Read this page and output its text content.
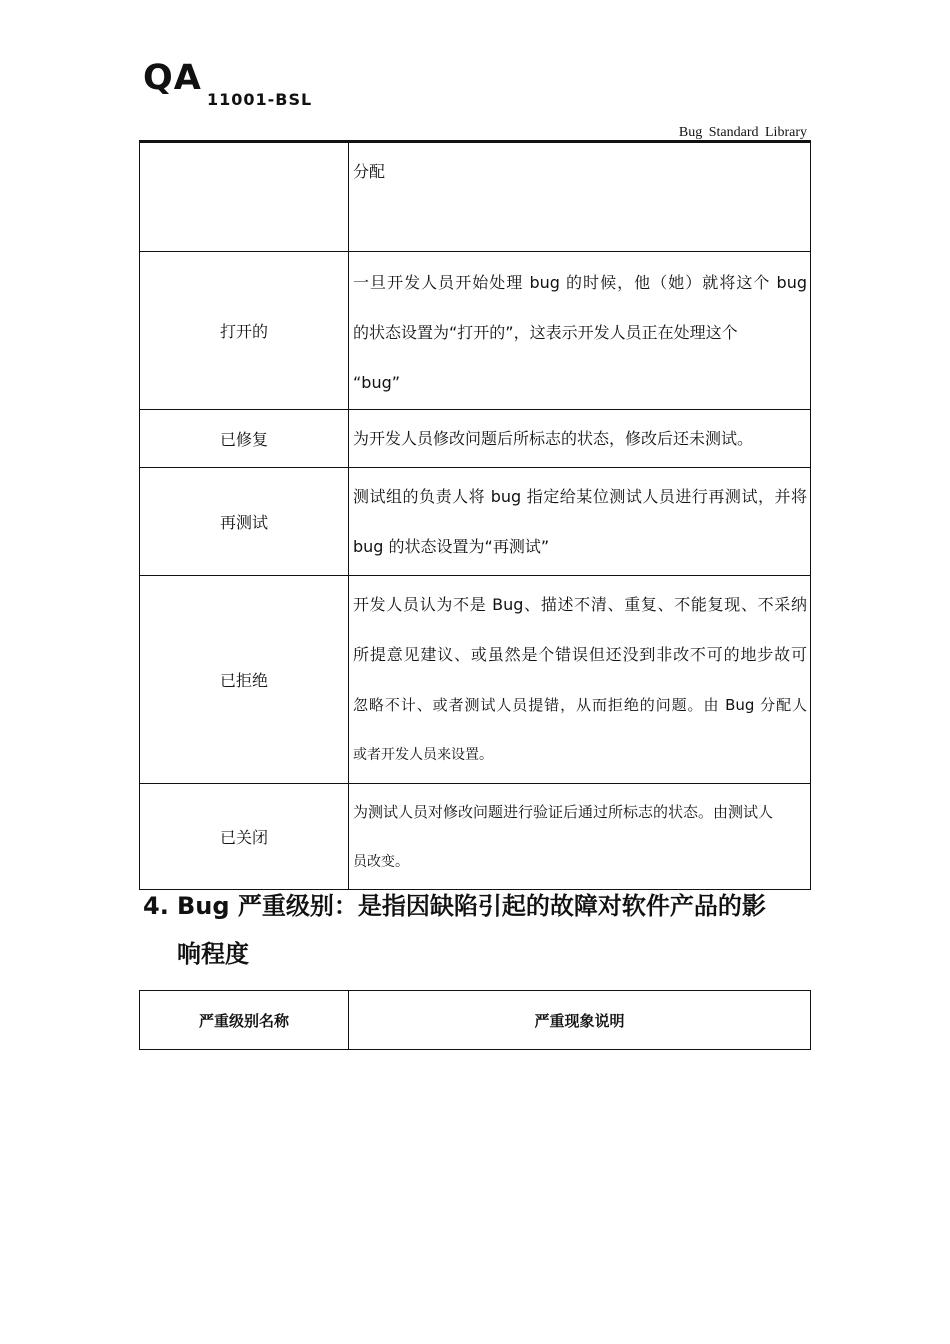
QA
11001-BSL
Bug Standard Library

	分配

打开的	一旦开发人员开始处理 bug 的时候，他（她）就将这个 bug
的状态设置为“打开的”，这表示开发人员正在处理这个
“bug”

已修复	为开发人员修改问题后所标志的状态，修改后还未测试。

再测试	测试组的负责人将 bug 指定给某位测试人员进行再测试，并将
bug 的状态设置为“再测试”

已拒绝	开发人员认为不是 Bug、描述不清、重复、不能复现、不采纳
所提意见建议、或虽然是个错误但还没到非改不可的地步故可
忽略不计、或者测试人员提错，从而拒绝的问题。由 Bug 分配人
或者开发人员来设置。

已关闭	为测试人员对修改问题进行验证后通过所标志的状态。由测试人
员改变。
4. Bug 严重级别：是指因缺陷引起的故障对软件产品的影
响程度
严重级别名称	严重现象说明
